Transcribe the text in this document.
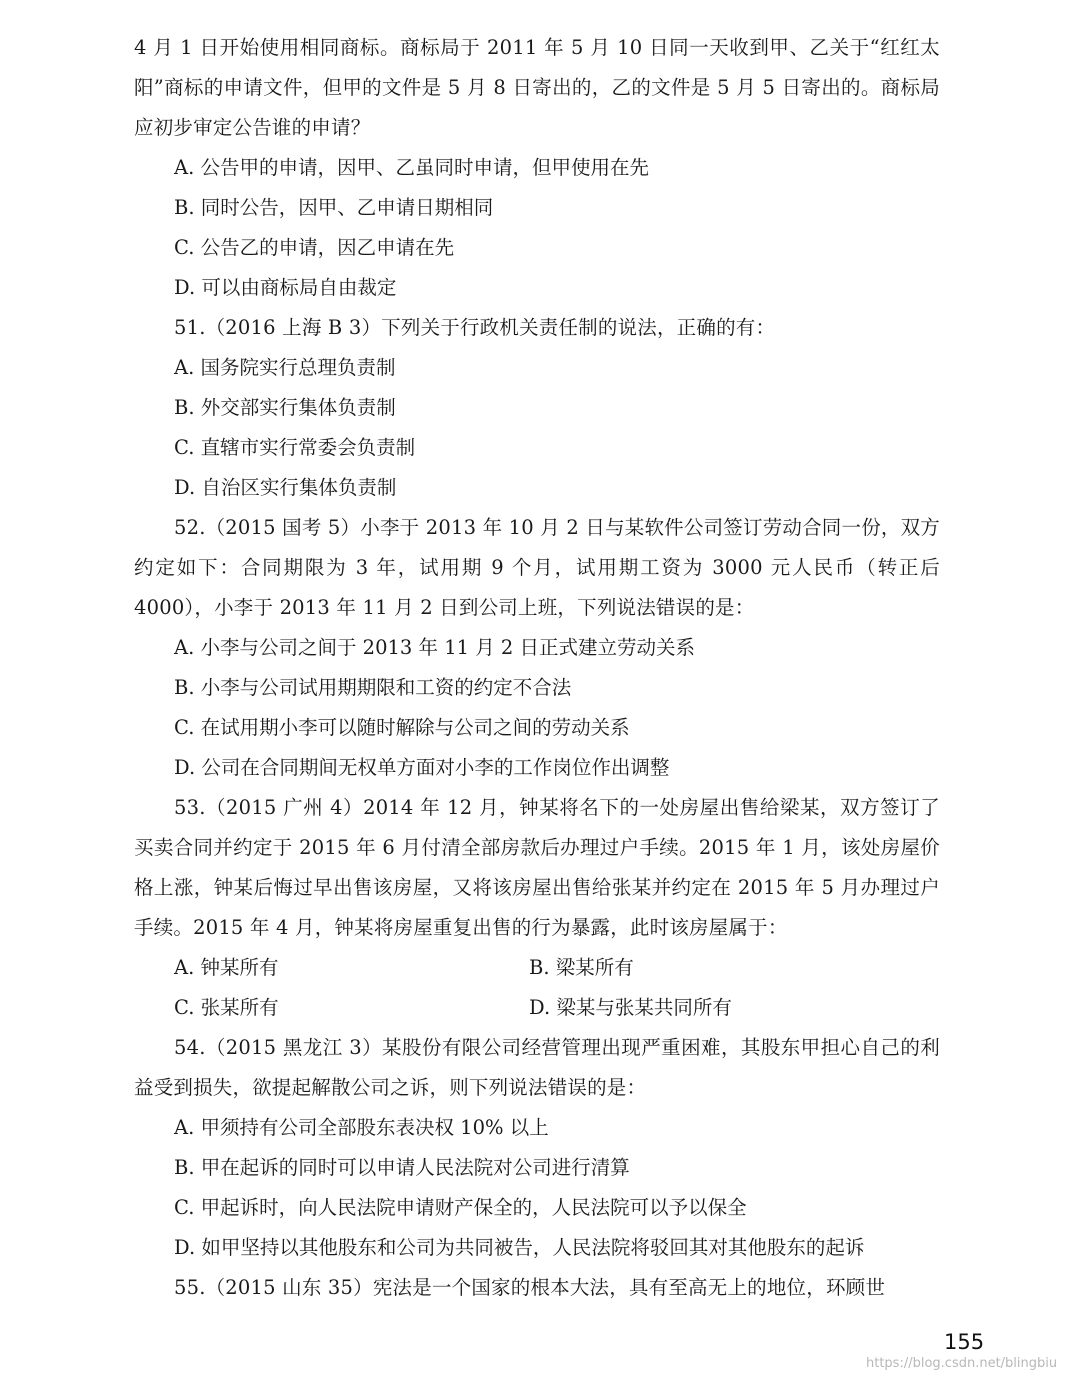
4 月 1 日开始使用相同商标。商标局于 2011 年 5 月 10 日同一天收到甲、乙关于“红红太阳”商标的申请文件，但甲的文件是 5 月 8 日寄出的，乙的文件是 5 月 5 日寄出的。商标局应初步审定公告谁的申请？

A. 公告甲的申请，因甲、乙虽同时申请，但甲使用在先

B. 同时公告，因甲、乙申请日期相同

C. 公告乙的申请，因乙申请在先

D. 可以由商标局自由裁定

51.（2016 上海 B 3）下列关于行政机关责任制的说法，正确的有：

A. 国务院实行总理负责制

B. 外交部实行集体负责制

C. 直辖市实行常委会负责制

D. 自治区实行集体负责制

52.（2015 国考 5）小李于 2013 年 10 月 2 日与某软件公司签订劳动合同一份，双方约定如下：合同期限为 3 年，试用期 9 个月，试用期工资为 3000 元人民币（转正后 4000），小李于 2013 年 11 月 2 日到公司上班，下列说法错误的是：

A. 小李与公司之间于 2013 年 11 月 2 日正式建立劳动关系

B. 小李与公司试用期期限和工资的约定不合法

C. 在试用期小李可以随时解除与公司之间的劳动关系

D. 公司在合同期间无权单方面对小李的工作岗位作出调整

53.（2015 广州 4）2014 年 12 月，钟某将名下的一处房屋出售给梁某，双方签订了买卖合同并约定于 2015 年 6 月付清全部房款后办理过户手续。2015 年 1 月，该处房屋价格上涨，钟某后悔过早出售该房屋，又将该房屋出售给张某并约定在 2015 年 5 月办理过户手续。2015 年 4 月，钟某将房屋重复出售的行为暴露，此时该房屋属于：

A. 钟某所有	B. 梁某所有
C. 张某所有	D. 梁某与张某共同所有

54.（2015 黑龙江 3）某股份有限公司经营管理出现严重困难，其股东甲担心自己的利益受到损失，欲提起解散公司之诉，则下列说法错误的是：

A. 甲须持有公司全部股东表决权 10% 以上

B. 甲在起诉的同时可以申请人民法院对公司进行清算

C. 甲起诉时，向人民法院申请财产保全的，人民法院可以予以保全

D. 如甲坚持以其他股东和公司为共同被告，人民法院将驳回其对其他股东的起诉

55.（2015 山东 35）宪法是一个国家的根本大法，具有至高无上的地位，环顾世

155
https://blog.csdn.net/blingbiu
